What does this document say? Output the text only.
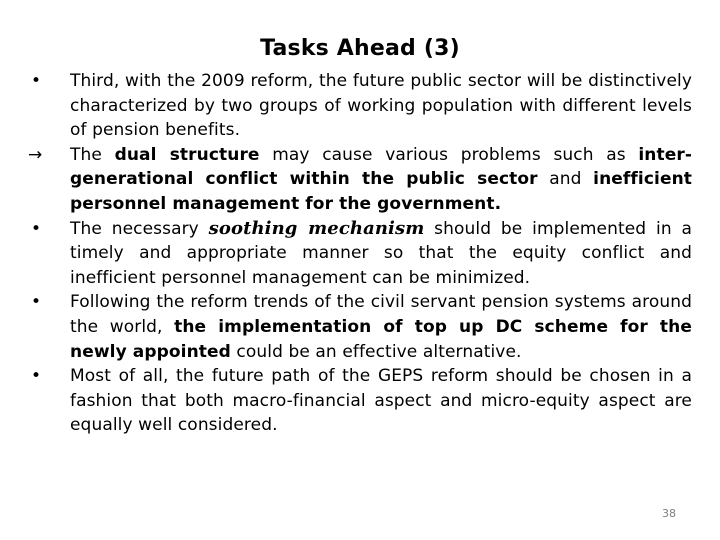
Tasks Ahead (3)
•	Third, with the 2009 reform, the future public sector will be distinctively characterized by two groups of working population with different levels of pension benefits.
→	The dual structure may cause various problems such as inter-generational conflict within the public sector and inefficient personnel management for the government.
•	The necessary soothing mechanism should be implemented in a timely and appropriate manner so that the equity conflict and inefficient personnel management can be minimized.
•	Following the reform trends of the civil servant pension systems around the world, the implementation of top up DC scheme for the newly appointed could be an effective alternative.
•	Most of all, the future path of the GEPS reform should be chosen in a fashion that both macro-financial aspect and micro-equity aspect are equally well considered.
38
